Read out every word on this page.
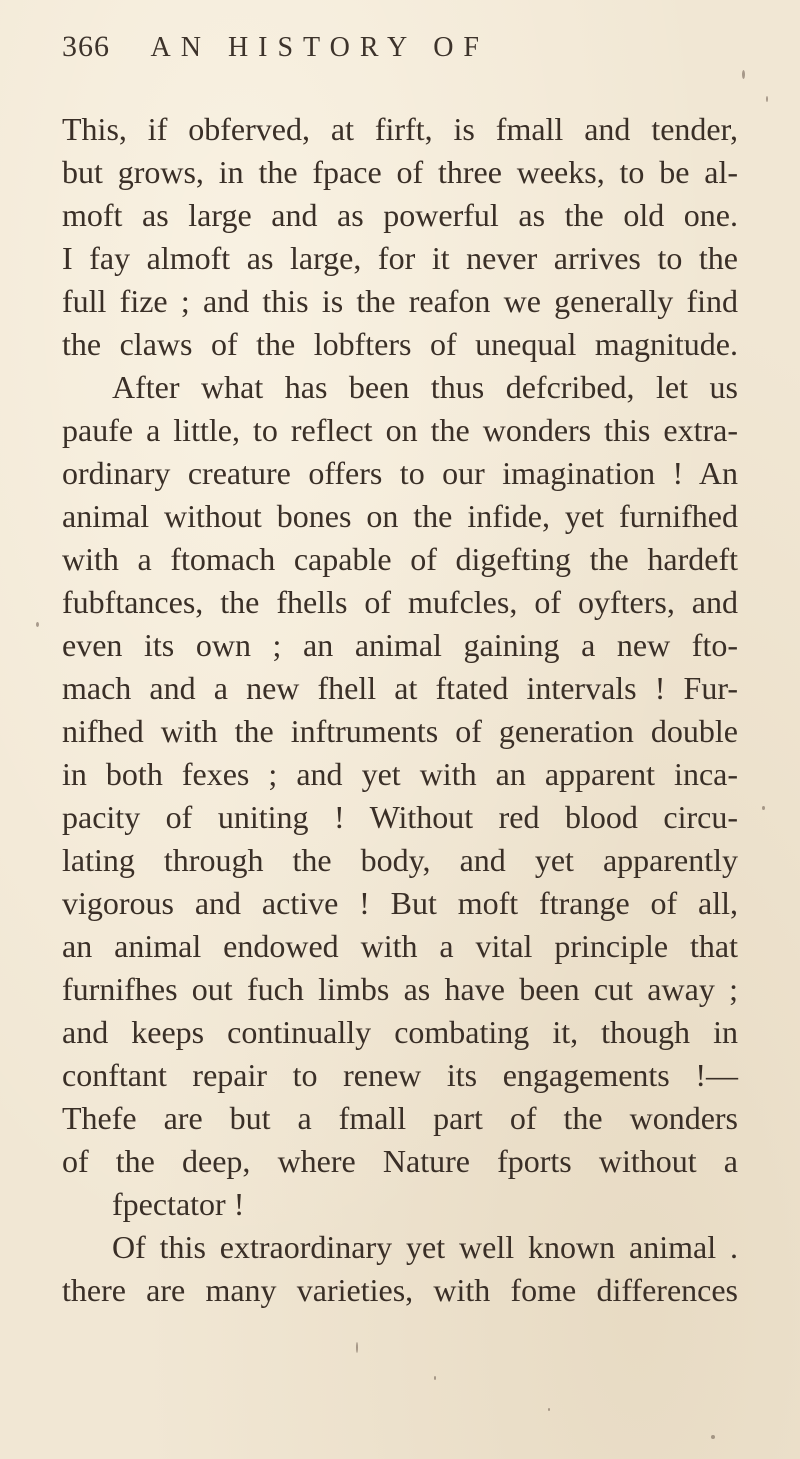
366 AN HISTORY OF
This, if obferved, at firft, is fmall and tender,
but grows, in the fpace of three weeks, to be al-
moft as large and as powerful as the old one.
I fay almoft as large, for it never arrives to the
full fize ; and this is the reafon we generally find
the claws of the lobfters of unequal magnitude.
After what has been thus defcribed, let us
paufe a little, to reflect on the wonders this extra-
ordinary creature offers to our imagination ! An
animal without bones on the infide, yet furnifhed
with a ftomach capable of digefting the hardeft
fubftances, the fhells of mufcles, of oyfters, and
even its own ; an animal gaining a new fto-
mach and a new fhell at ftated intervals ! Fur-
nifhed with the inftruments of generation double
in both fexes ; and yet with an apparent inca-
pacity of uniting ! Without red blood circu-
lating through the body, and yet apparently
vigorous and active ! But moft ftrange of all,
an animal endowed with a vital principle that
furnifhes out fuch limbs as have been cut away ;
and keeps continually combating it, though in
conftant repair to renew its engagements !—
Thefe are but a fmall part of the wonders
of the deep, where Nature fports without a
fpectator !
Of this extraordinary yet well known animal .
there are many varieties, with fome differences
